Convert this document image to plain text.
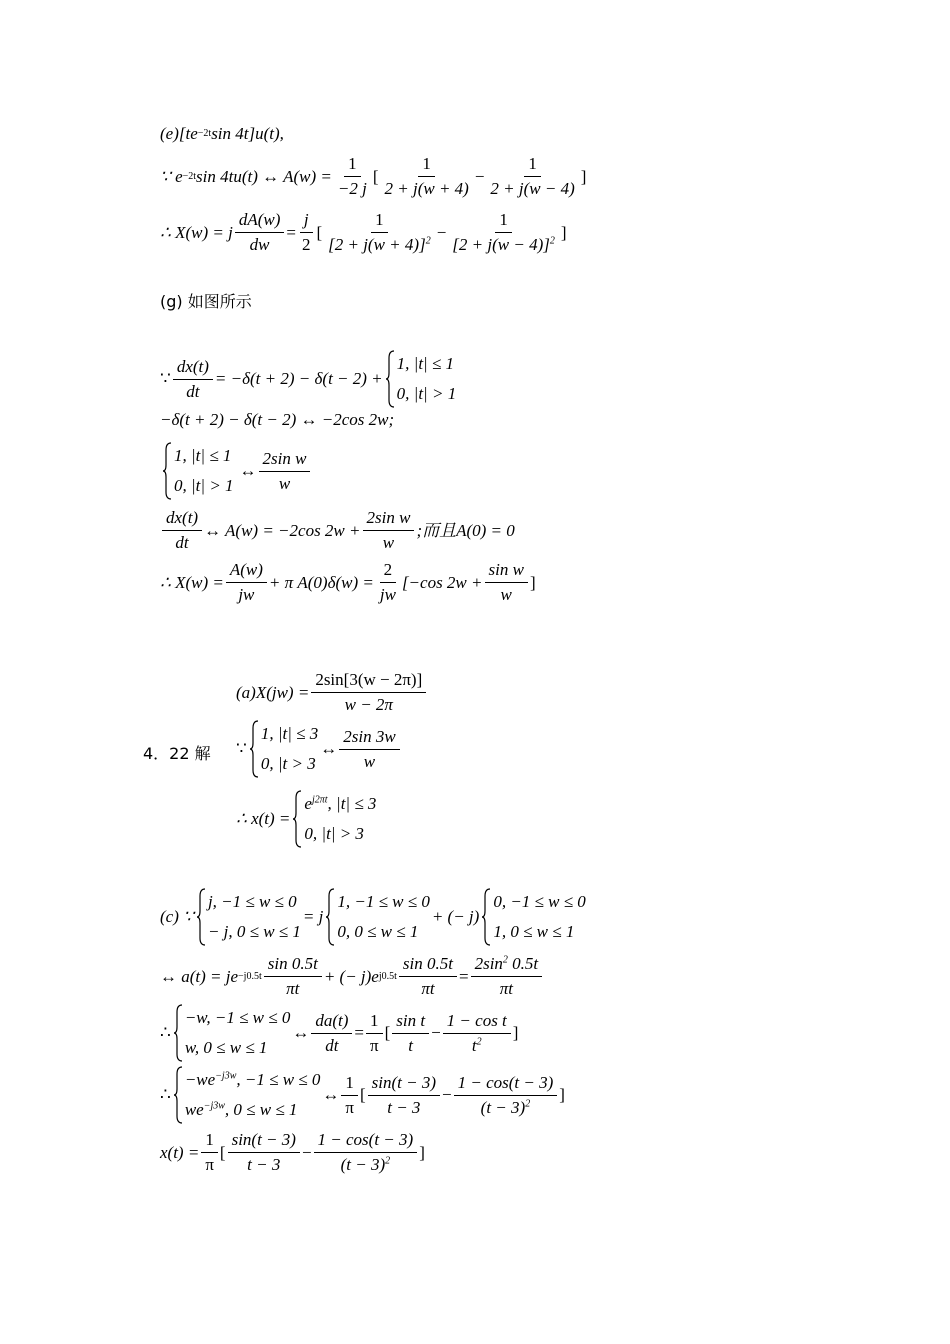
(e)[te −2t sin 4t]u(t),
∵ e −2t sin 4tu(t) ↔ $A(w) = \frac{1}{-2 j}$ [ $\frac{1}{2 + j(w + 4)} - \frac{1}{2 + j(w - 4)}$ ]
∴ X(w) = j $\frac{dA(w)}{dw} = \frac{j}{2}$ [ $\frac{1}{[2 + j(w + 4)]^2} - \frac{1}{[2 + j(w - 4)]^2}$ ]
(g) 如图所示
∵ $\frac{dx(t)}{dt} = -\delta(t + 2) - \delta(t - 2)$ +
1, |t| ≤ 1
0, |t| > 1
−δ(t + 2) − δ(t − 2) ↔ −2cos 2w;
1, |t| ≤ 1
0, |t| > 1
↔ $\frac{\text{2sin w}}{w}$
$\frac{dx(t)}{dt}$ ↔ A(w) = −2cos $2w + \frac{\text{2sin w}}{w}$ ;而且A(0) = 0
∴ $X(w) = \frac{A(w)}{jw} + \pi$ $A(0)\delta(w) = \frac{2}{jw} [-\cos$ $2w + \frac{\text{sin w}}{w}$ ]
$(a)X(jw) = \frac{2\sin[3(w - 2\pi)]}{w - 2\pi}$
4．22 解 ∵
1, |t| ≤ 3
0, |t > 3
↔ $\frac{2\sin 3w}{w}$
∴ x(t) =
$e^{j2\pi t}$, |t| ≤ 3
0, |t| > 3
(c) ∵
j, −1 ≤ w ≤ 0
− j, 0 ≤ w ≤ 1
= j
1, −1 ≤ w ≤ 0
0, 0 ≤ w ≤ 1
+ (− j)
0, −1 ≤ w ≤ 0
1, 0 ≤ w ≤ 1
↔ a(t) = je $-j0.5t \frac{\sin 0.5t}{\pi t}$ + (− j)e $j0.5t \frac{\sin 0.5t}{\pi t} = \frac{2\sin^2 0.5t}{\pi t}$
∴
−w, −1 ≤ w ≤ 0
w, 0 ≤ w ≤ 1
↔ $\frac{da(t)}{dt} = \frac{1}{\pi}$ [ $\frac{\text{sin t}}{t} - \frac{\text{1 − cos t}}{t^2}$ ]
∴
$-we^{-j3w}$, −1 ≤ w ≤ 0
$we^{-j3w}$, 0 ≤ w ≤ 1
↔ $\frac{1}{\pi}$ [ $\frac{\sin(t - 3)}{t - 3} - \frac{1 - \cos(t - 3)}{(t - 3)^2}$ ]
$x(t) = \frac{1}{\pi}$ [ $\frac{\sin(t - 3)}{t - 3} - \frac{1 - \cos(t - 3)}{(t - 3)^2}$ ]
